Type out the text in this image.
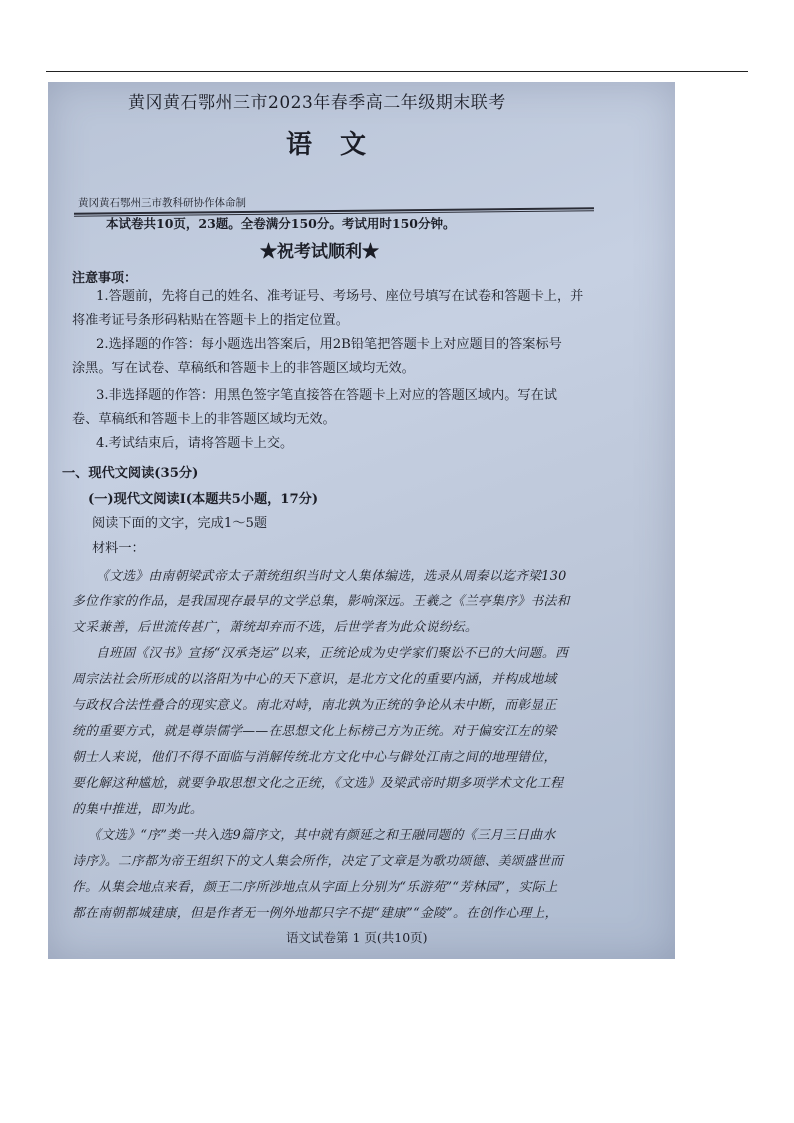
黄冈黄石鄂州三市2023年春季高二年级期末联考
语文
黄冈黄石鄂州三市教科研协作体命制
本试卷共10页，23题。全卷满分150分。考试用时150分钟。
★祝考试顺利★
注意事项：
1.答题前，先将自己的姓名、准考证号、考场号、座位号填写在试卷和答题卡上，并
将准考证号条形码粘贴在答题卡上的指定位置。
2.选择题的作答：每小题选出答案后，用2B铅笔把答题卡上对应题目的答案标号
涂黑。写在试卷、草稿纸和答题卡上的非答题区域均无效。
3.非选择题的作答：用黑色签字笔直接答在答题卡上对应的答题区域内。写在试
卷、草稿纸和答题卡上的非答题区域均无效。
4.考试结束后，请将答题卡上交。
一、现代文阅读(35分)
(一)现代文阅读Ⅰ(本题共5小题，17分)
阅读下面的文字，完成1～5题
材料一：
《文选》由南朝梁武帝太子萧统组织当时文人集体编选，选录从周秦以迄齐梁130
多位作家的作品，是我国现存最早的文学总集，影响深远。王羲之《兰亭集序》书法和
文采兼善，后世流传甚广，萧统却弃而不选，后世学者为此众说纷纭。
自班固《汉书》宣扬“汉承尧运”以来，正统论成为史学家们聚讼不已的大问题。西
周宗法社会所形成的以洛阳为中心的天下意识，是北方文化的重要内涵，并构成地域
与政权合法性叠合的现实意义。南北对峙，南北孰为正统的争论从未中断，而彰显正
统的重要方式，就是尊崇儒学——在思想文化上标榜己方为正统。对于偏安江左的梁
朝士人来说，他们不得不面临与消解传统北方文化中心与僻处江南之间的地理错位，
要化解这种尴尬，就要争取思想文化之正统，《文选》及梁武帝时期多项学术文化工程
的集中推进，即为此。
《文选》“序”类一共入选9篇序文，其中就有颜延之和王融同题的《三月三日曲水
诗序》。二序都为帝王组织下的文人集会所作，决定了文章是为歌功颂德、美颂盛世而
作。从集会地点来看，颜王二序所涉地点从字面上分别为“乐游苑”“芳林园”，实际上
都在南朝都城建康，但是作者无一例外地都只字不提“建康”“金陵”。在创作心理上，
语文试卷第 1 页(共10页)
